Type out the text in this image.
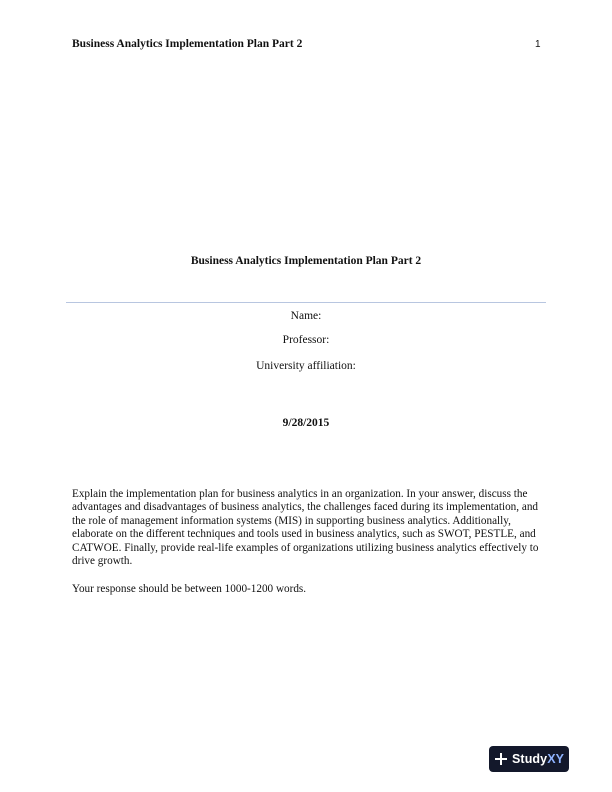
Business Analytics Implementation Plan Part 2	1
Business Analytics Implementation Plan Part 2
Name:
Professor:
University affiliation:
9/28/2015

Explain the implementation plan for business analytics in an organization. In your answer, discuss the advantages and disadvantages of business analytics, the challenges faced during its implementation, and the role of management information systems (MIS) in supporting business analytics. Additionally, elaborate on the different techniques and tools used in business analytics, such as SWOT, PESTLE, and CATWOE. Finally, provide real-life examples of organizations utilizing business analytics effectively to drive growth.

Your response should be between 1000-1200 words.

StudyXY
